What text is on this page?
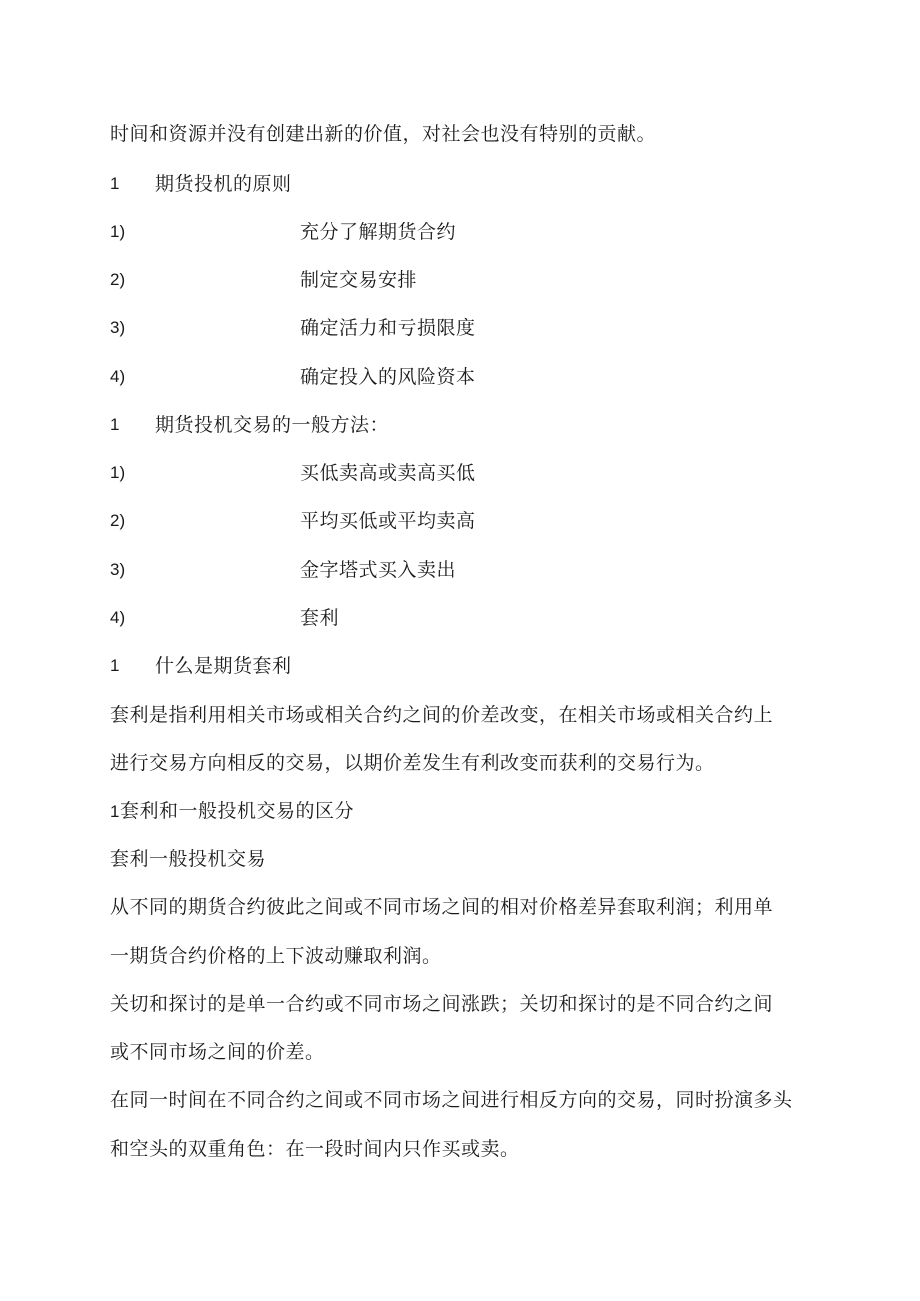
时间和资源并没有创建出新的价值，对社会也没有特别的贡献。
1 期货投机的原则
1)	充分了解期货合约
2)	制定交易安排
3)	确定活力和亏损限度
4)	确定投入的风险资本
1 期货投机交易的一般方法：
1)	买低卖高或卖高买低
2)	平均买低或平均卖高
3)	金字塔式买入卖出
4)	套利
1 什么是期货套利
套利是指利用相关市场或相关合约之间的价差改变，在相关市场或相关合约上
进行交易方向相反的交易，以期价差发生有利改变而获利的交易行为。
1套利和一般投机交易的区分
套利一般投机交易
从不同的期货合约彼此之间或不同市场之间的相对价格差异套取利润；利用单
一期货合约价格的上下波动赚取利润。
关切和探讨的是单一合约或不同市场之间涨跌；关切和探讨的是不同合约之间
或不同市场之间的价差。
在同一时间在不同合约之间或不同市场之间进行相反方向的交易，同时扮演多头
和空头的双重角色：在一段时间内只作买或卖。
